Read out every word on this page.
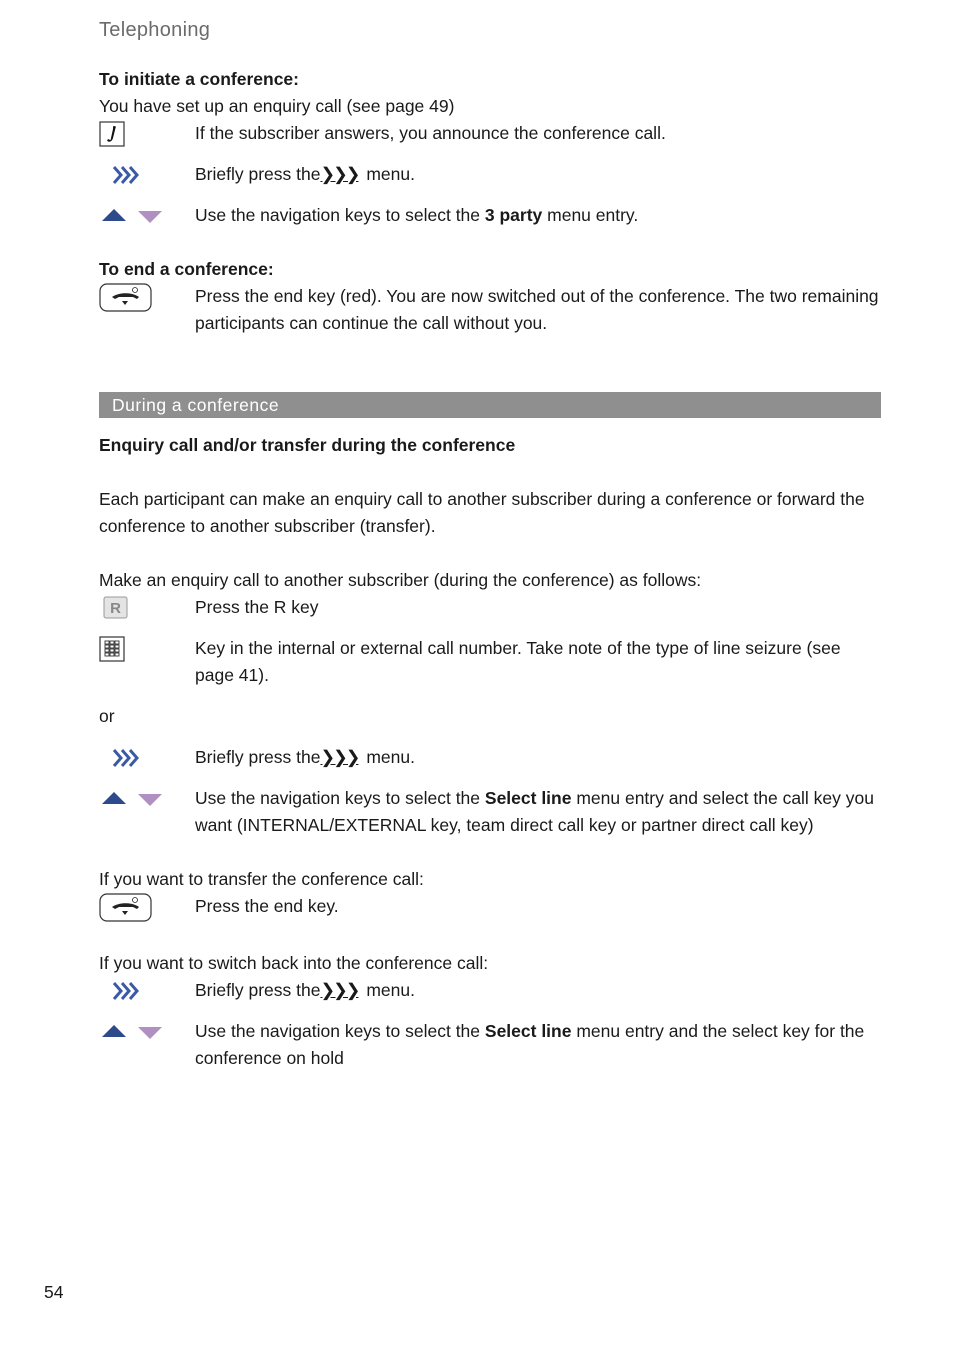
Telephoning

To initiate a conference:

You have set up an enquiry call (see page 49)

If the subscriber answers, you announce the conference call.
Briefly press the❯❯❯ menu.
Use the navigation keys to select the 3 party menu entry.

To end a conference:

Press the end key (red). You are now switched out of the conference. The two remaining participants can continue the call without you.
During a conference

Enquiry call and/or transfer during the conference

Each participant can make an enquiry call to another subscriber during a conference or forward the conference to another subscriber (transfer).

Make an enquiry call to another subscriber (during the conference) as follows:

R	Press the R key
Key in the internal or external call number. Take note of the type of line seizure (see page 41).

or

Briefly press the❯❯❯ menu.
Use the navigation keys to select the Select line menu entry and select the call key you want (INTERNAL/EXTERNAL key, team direct call key or partner direct call key)

If you want to transfer the conference call:

Press the end key.

If you want to switch back into the conference call:

Briefly press the❯❯❯ menu.
Use the navigation keys to select the Select line menu entry and the select key for the conference on hold
54
